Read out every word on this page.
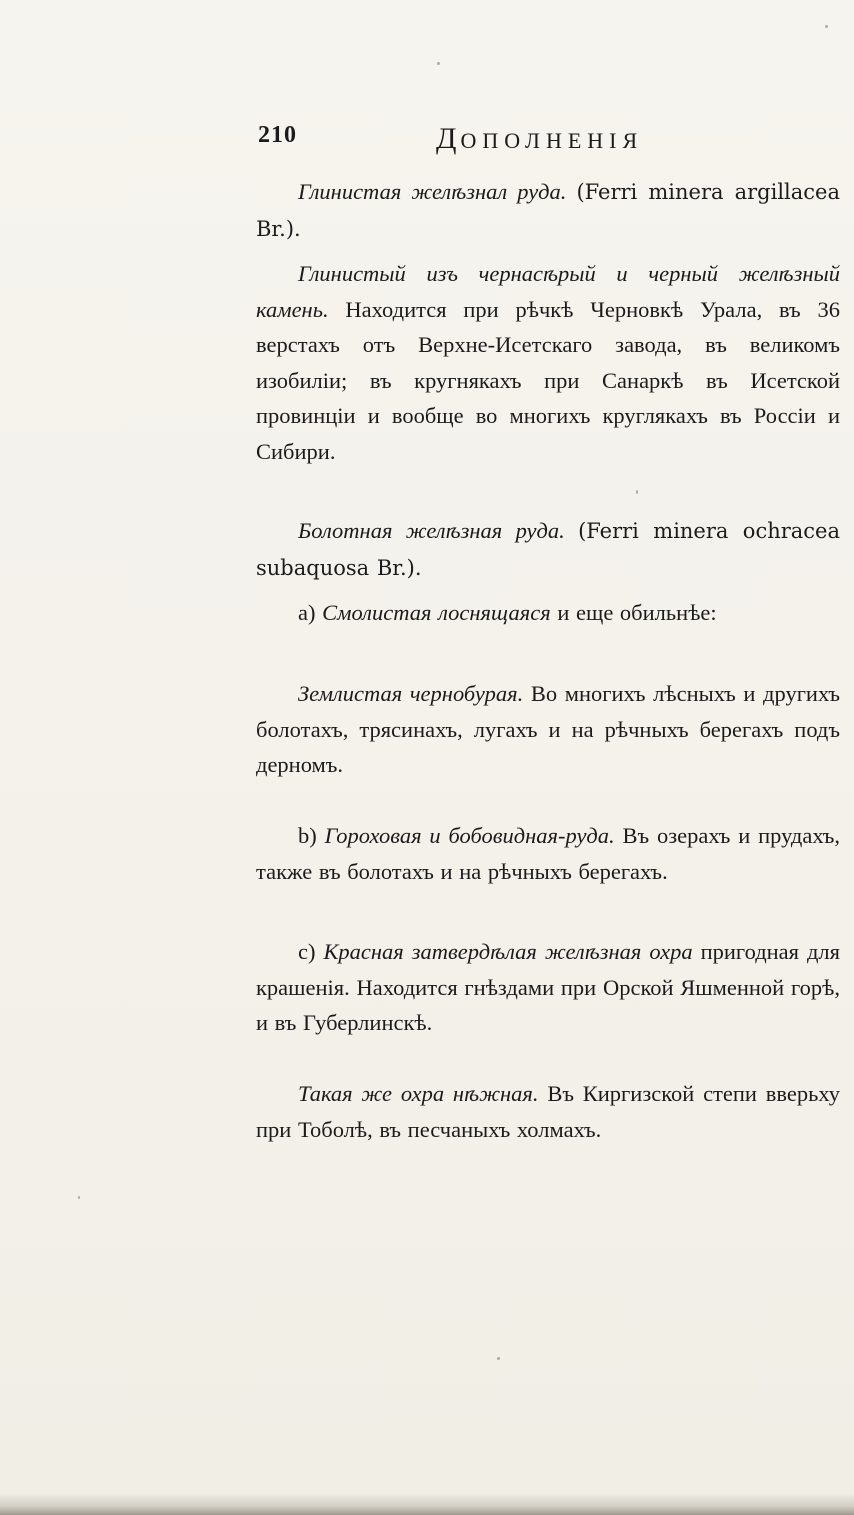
210	ДОПОЛНЕНІЯ

Глинистая желѣзнал руда. (Ferri minera argillacea Br.).

Глинистый изъ чернасѣрый и черный желѣзный камень. Находится при рѣчкѣ Черновкѣ Урала, въ 36 верстахъ отъ Верхне-Исетскаго завода, въ великомъ изобиліи; въ кругнякахъ при Санаркѣ въ Исетской провинціи и вообще во многихъ круглякахъ въ Россіи и Сибири.

Болотная желѣзная руда. (Ferri minera ochracea subaquosa Br.).

a) Смолистая лоснящаяся и еще обильнѣе:

Землистая чернобурая. Во многихъ лѣсныхъ и другихъ болотахъ, трясинахъ, лугахъ и на рѣчныхъ берегахъ подъ дерномъ.

b) Гороховая и бобовидная-руда. Въ озерахъ и прудахъ, также въ болотахъ и на рѣчныхъ берегахъ.

c) Красная затвердѣлая желѣзная охра пригодная для крашенія. Находится гнѣздами при Орской Яшменной горѣ, и въ Губерлинскѣ.

Такая же охра нѣжная. Въ Киргизской степи вверьху при Тоболѣ, въ песчаныхъ холмахъ.
